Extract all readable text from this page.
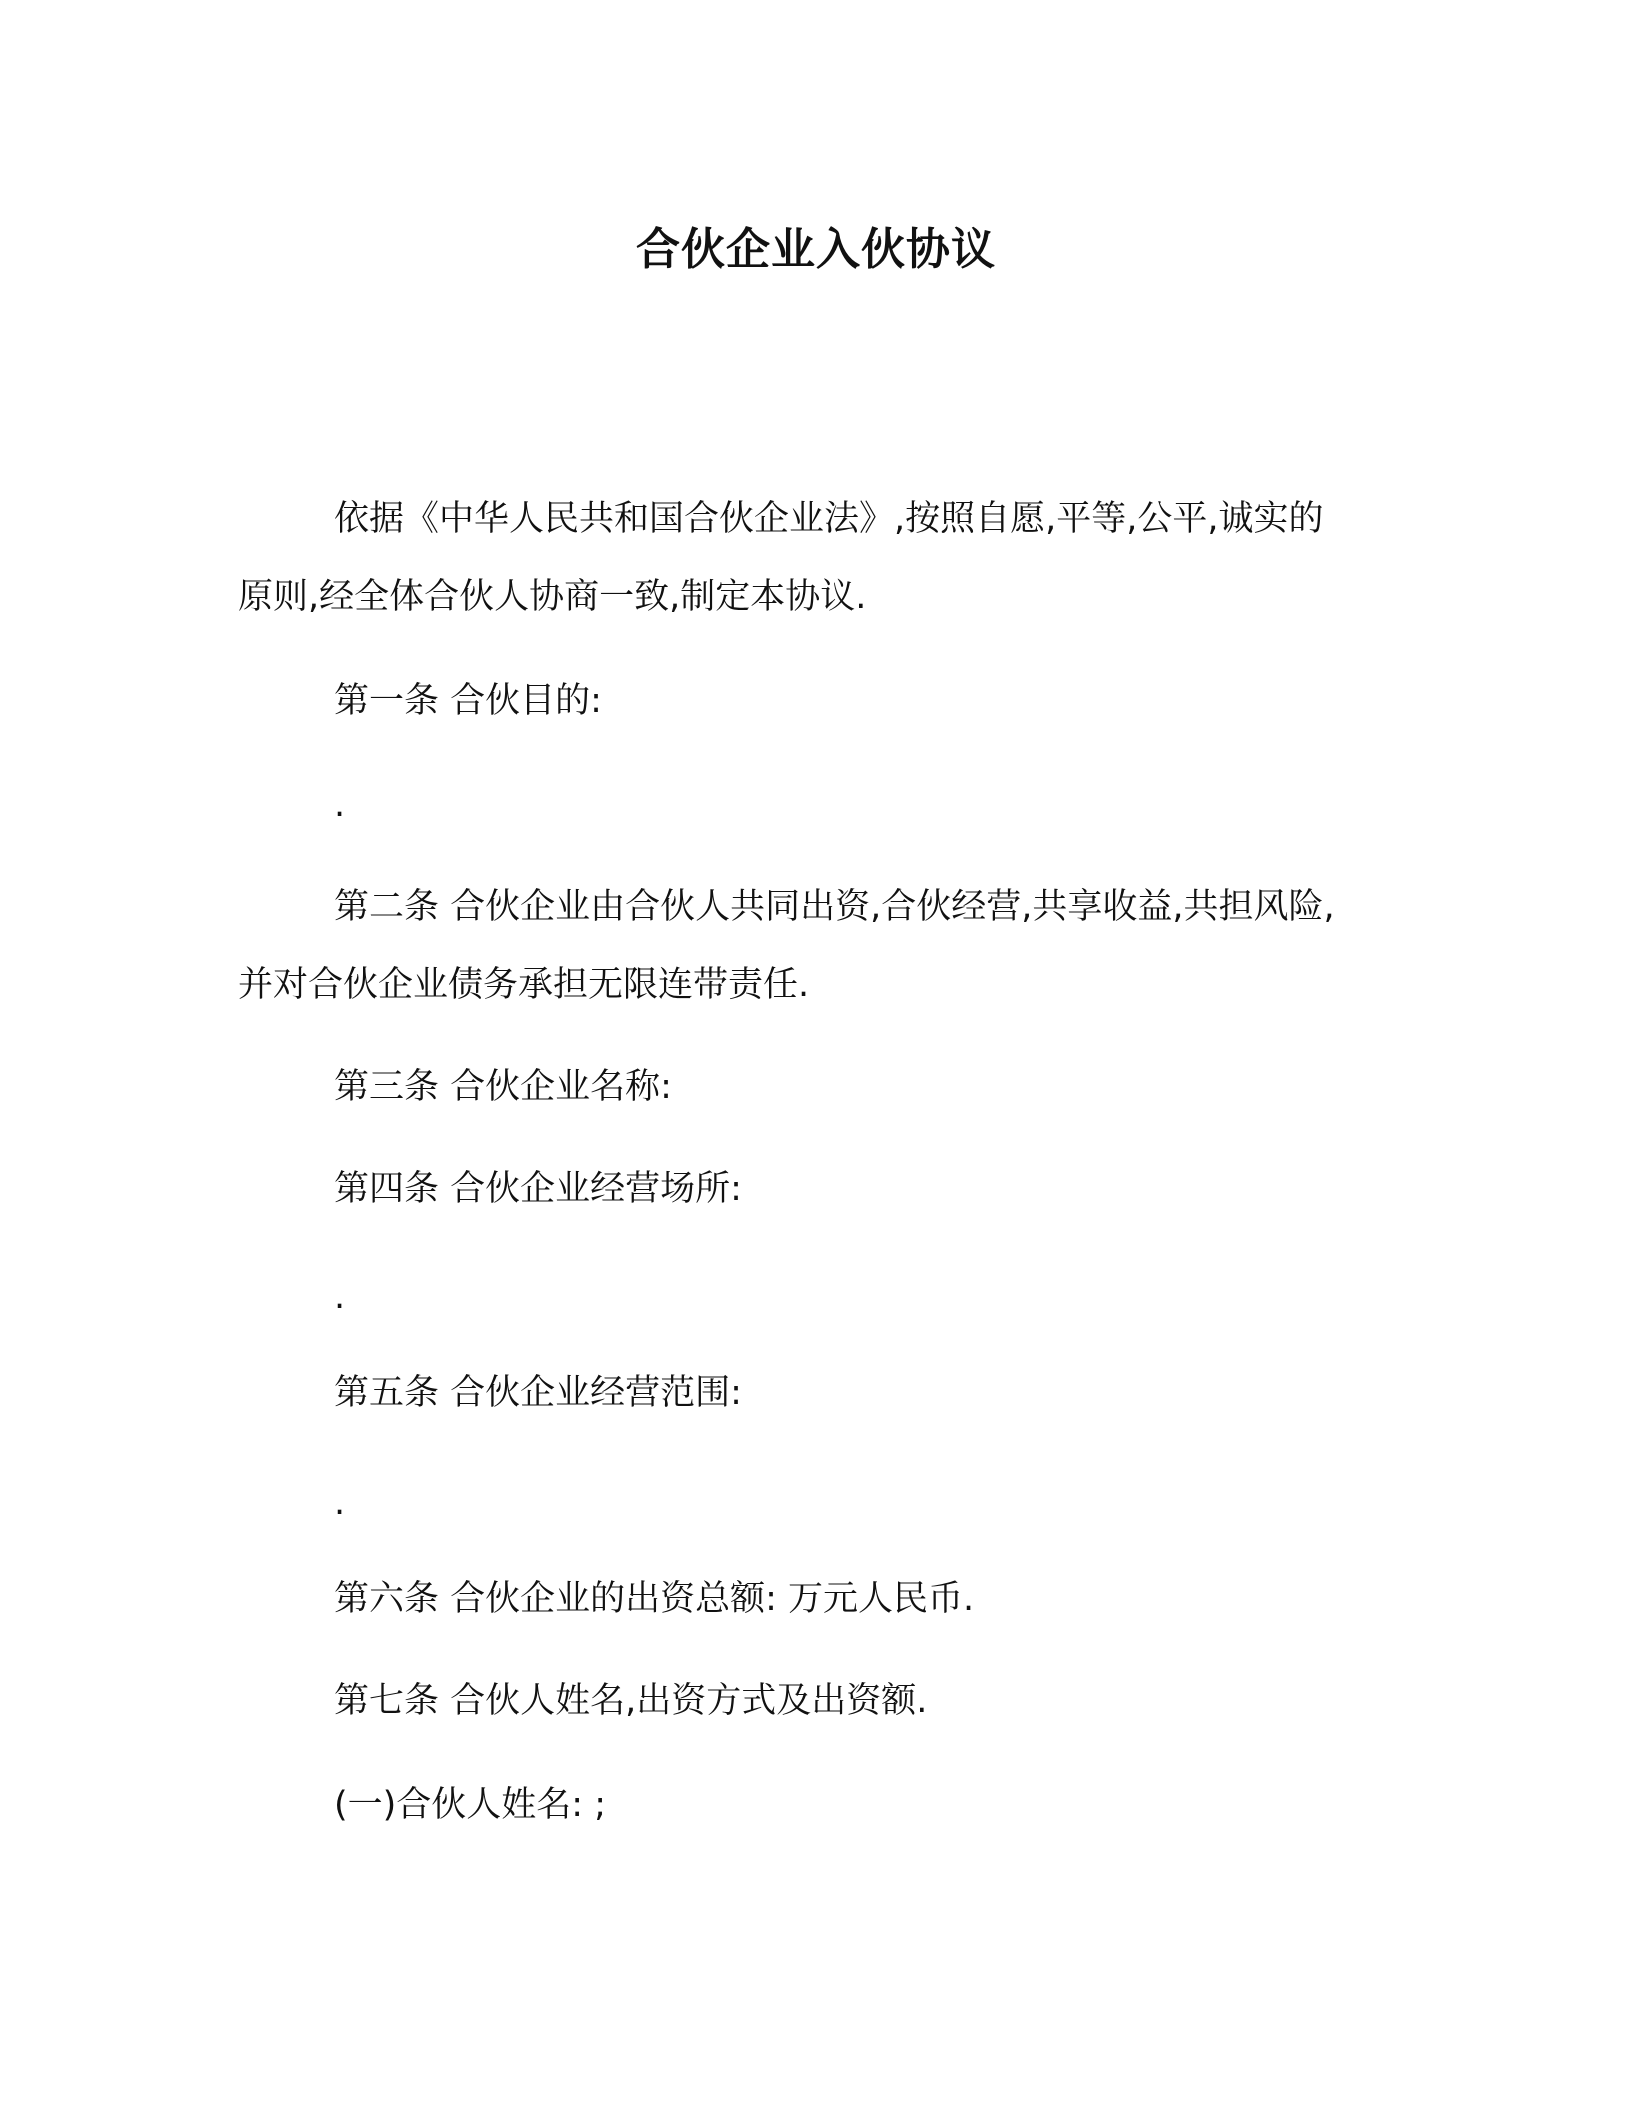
合伙企业入伙协议
依据《中华人民共和国合伙企业法》,按照自愿,平等,公平,诚实的
原则,经全体合伙人协商一致,制定本协议.
第一条 合伙目的:
.
第二条 合伙企业由合伙人共同出资,合伙经营,共享收益,共担风险,
并对合伙企业债务承担无限连带责任.
第三条 合伙企业名称:
第四条 合伙企业经营场所:
.
第五条 合伙企业经营范围:
.
第六条 合伙企业的出资总额: 万元人民币.
第七条 合伙人姓名,出资方式及出资额.
(一)合伙人姓名: ;
